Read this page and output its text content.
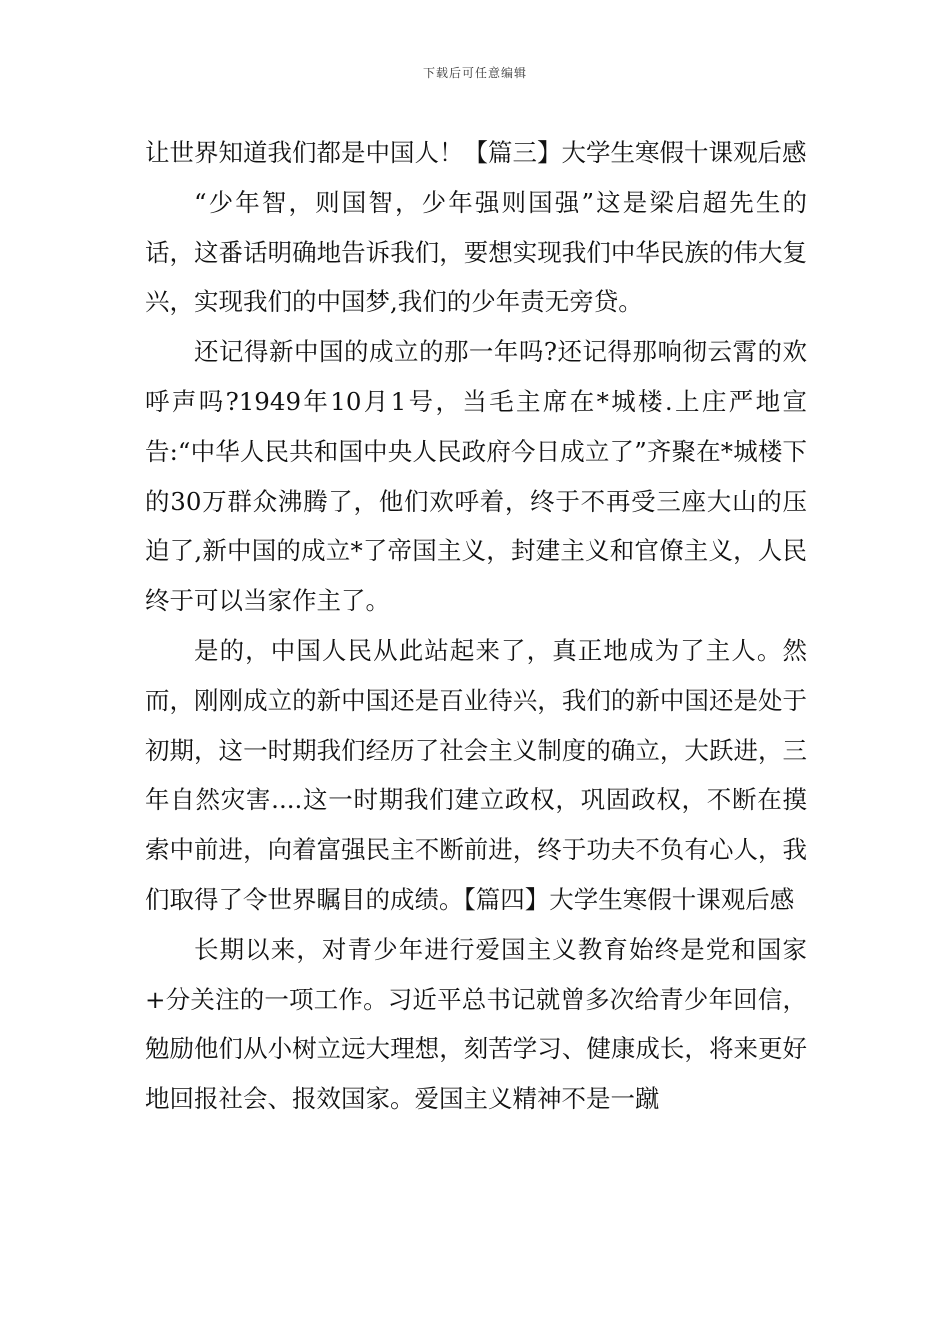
下载后可任意编辑

让世界知道我们都是中国人！【篇三】大学生寒假十课观后感

“少年智，则国智，少年强则国强”这是梁启超先生的话，这番话明确地告诉我们，要想实现我们中华民族的伟大复兴，实现我们的中国梦,我们的少年责无旁贷。

还记得新中国的成立的那一年吗?还记得那响彻云霄的欢呼声吗?1949年10月1号，当毛主席在*城楼.上庄严地宣告:“中华人民共和国中央人民政府今日成立了”齐聚在*城楼下的30万群众沸腾了，他们欢呼着，终于不再受三座大山的压迫了,新中国的成立*了帝国主义，封建主义和官僚主义，人民终于可以当家作主了。

是的，中国人民从此站起来了，真正地成为了主人。然而，刚刚成立的新中国还是百业待兴，我们的新中国还是处于初期，这一时期我们经历了社会主义制度的确立，大跃进，三年自然灾害....这一时期我们建立政权，巩固政权，不断在摸索中前进，向着富强民主不断前进，终于功夫不负有心人，我们取得了令世界瞩目的成绩。【篇四】大学生寒假十课观后感

长期以来，对青少年进行爱国主义教育始终是党和国家+分关注的一项工作。习近平总书记就曾多次给青少年回信，勉励他们从小树立远大理想，刻苦学习、健康成长，将来更好地回报社会、报效国家。爱国主义精神不是一蹴
